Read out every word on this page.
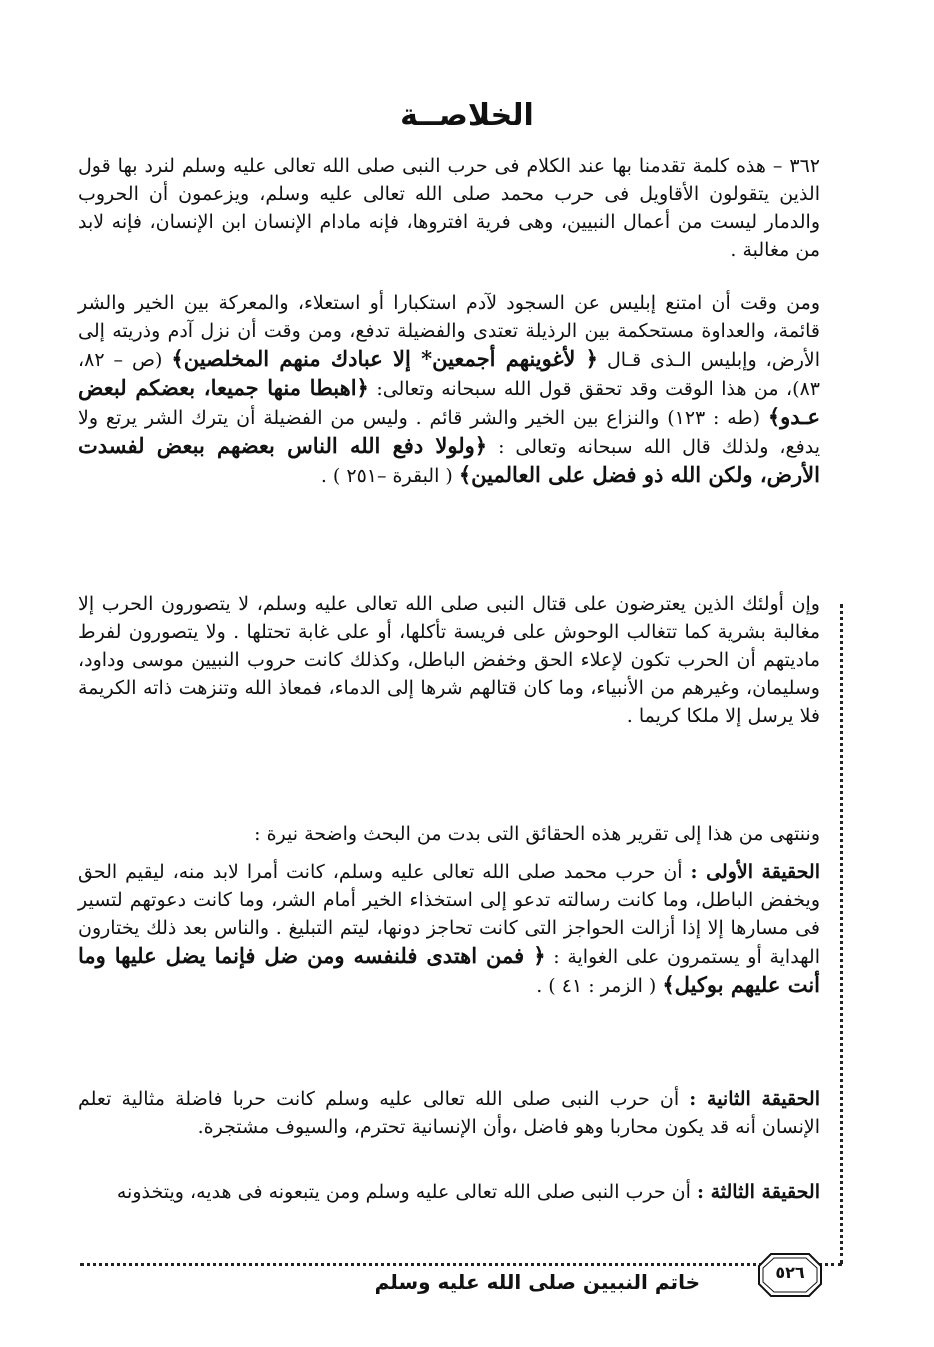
الخلاصــة

٣٦٢ – هذه كلمة تقدمنا بها عند الكلام فى حرب النبى صلى الله تعالى عليه وسلم لنرد بها قول الذين يتقولون الأقاويل فى حرب محمد صلى الله تعالى عليه وسلم، ويزعمون أن الحروب والدمار ليست من أعمال النبيين، وهى فرية افتروها، فإنه مادام الإنسان ابن الإنسان، فإنه لابد من مغالبة .

ومن وقت أن امتنع إبليس عن السجود لآدم استكبارا أو استعلاء، والمعركة بين الخير والشر قائمة، والعداوة مستحكمة بين الرذيلة تعتدى والفضيلة تدفع، ومن وقت أن نزل آدم وذريته إلى الأرض، وإبليس الـذى قـال ﴿ لأغوينهم أجمعين* إلا عبادك منهم المخلصين﴾ (ص – ٨٢، ٨٣)، من هذا الوقت وقد تحقق قول الله سبحانه وتعالى: ﴿اهبطا منها جميعا، بعضكم لبعض عـدو﴾ (طه : ١٢٣) والنزاع بين الخير والشر قائم . وليس من الفضيلة أن يترك الشر يرتع ولا يدفع، ولذلك قال الله سبحانه وتعالى : ﴿ولولا دفع الله الناس بعضهم ببعض لفسدت الأرض، ولكن الله ذو فضل على العالمين﴾ ( البقرة –٢٥١ ) .

وإن أولئك الذين يعترضون على قتال النبى صلى الله تعالى عليه وسلم، لا يتصورون الحرب إلا مغالبة بشرية كما تتغالب الوحوش على فريسة تأكلها، أو على غابة تحتلها . ولا يتصورون لفرط ماديتهم أن الحرب تكون لإعلاء الحق وخفض الباطل، وكذلك كانت حروب النبيين موسى وداود، وسليمان، وغيرهم من الأنبياء، وما كان قتالهم شرها إلى الدماء، فمعاذ الله وتنزهت ذاته الكريمة فلا يرسل إلا ملكا كريما .

وننتهى من هذا إلى تقرير هذه الحقائق التى بدت من البحث واضحة نيرة :

الحقيقة الأولى : أن حرب محمد صلى الله تعالى عليه وسلم، كانت أمرا لابد منه، ليقيم الحق ويخفض الباطل، وما كانت رسالته تدعو إلى استخذاء الخير أمام الشر، وما كانت دعوتهم لتسير فى مسارها إلا إذا أزالت الحواجز التى كانت تحاجز دونها، ليتم التبليغ . والناس بعد ذلك يختارون الهداية أو يستمرون على الغواية : ﴿ فمن اهتدى فلنفسه ومن ضل فإنما يضل عليها وما أنت عليهم بوكيل﴾ ( الزمر : ٤١ ) .

الحقيقة الثانية : أن حرب النبى صلى الله تعالى عليه وسلم كانت حربا فاضلة مثالية تعلم الإنسان أنه قد يكون محاربا وهو فاضل ،وأن الإنسانية تحترم، والسيوف مشتجرة.

الحقيقة الثالثة : أن حرب النبى صلى الله تعالى عليه وسلم ومن يتبعونه فى هديه، ويتخذونه

٥٢٦
خاتم النبيين صلى الله عليه وسلم
